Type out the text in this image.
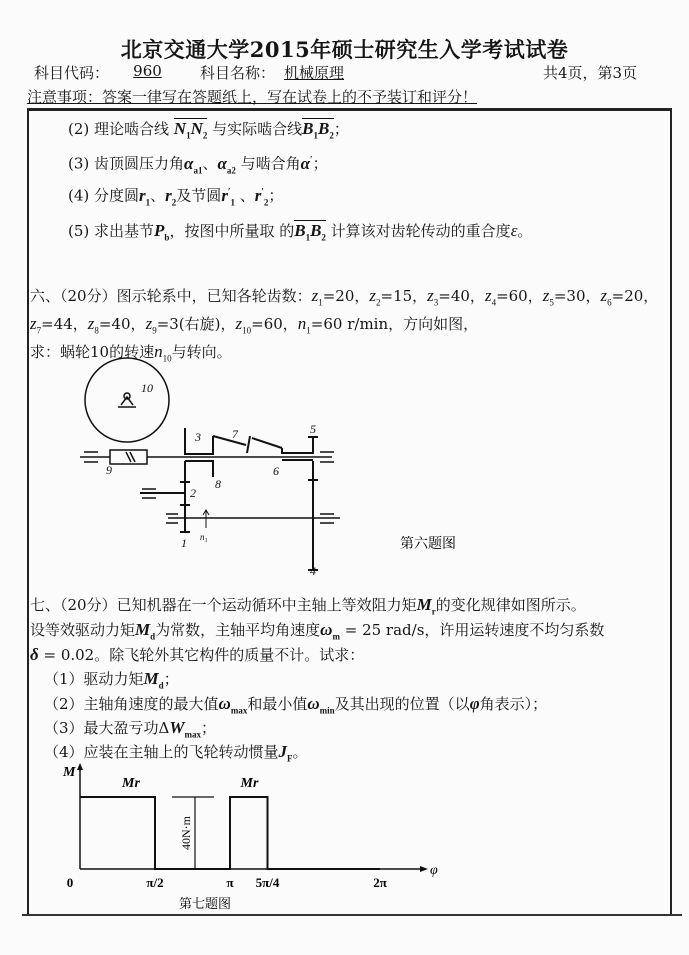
北京交通大学2015年硕士研究生入学考试试卷
科目代码：	960	科目名称： 机械原理	共4页，第3页
注意事项：答案一律写在答题纸上，写在试卷上的不予装订和评分！
(2) 理论啮合线 $N_1N_2$ 与实际啮合线$B_1B_2$；
(3) 齿顶圆压力角$\alpha_{a1}$、$\alpha_{a2}$ 与啮合角α′；
(4) 分度圆$r_1$、$r_2$及节圆$r'_1$ 、$r'_2$；
(5) 求出基节$P_b$，按图中所量取 的$B_1B_2$ 计算该对齿轮传动的重合度ε。
六、（20分）图示轮系中，已知各轮齿数：$z_1=20$，$z_2=15$，$z_3=40$，$z_4=60$，$z_5=30$，$z_6=20$，
$z_7=44$，$z_8=40$，$z_9=3$(右旋)，$z_{10}=60$，$n_1=60$ r/min，方向如图，
求：蜗轮10的转速$n_{10}$与转向。
3
5
7
6
8
2
1
4
9
10
n₁	第六题图
七、（20分）已知机器在一个运动循环中主轴上等效阻力矩$M_r$的变化规律如图所示。
设等效驱动力矩$M_d$为常数，主轴平均角速度$\omega_m = 25$ rad/s，许用运转速度不均匀系数
δ = 0.02。除飞轮外其它构件的质量不计。试求：
（1）驱动力矩$M_d$；
（2）主轴角速度的最大值$\omega_{max}$和最小值$\omega_{min}$及其出现的位置（以φ角表示）；
（3）最大盈亏功$\Delta W_{max}$；
（4）应装在主轴上的飞轮转动惯量$J_F$。
0	π/2	π 5π/4	2π
M
φ
Mr	Mr
40N·m
第七题图
